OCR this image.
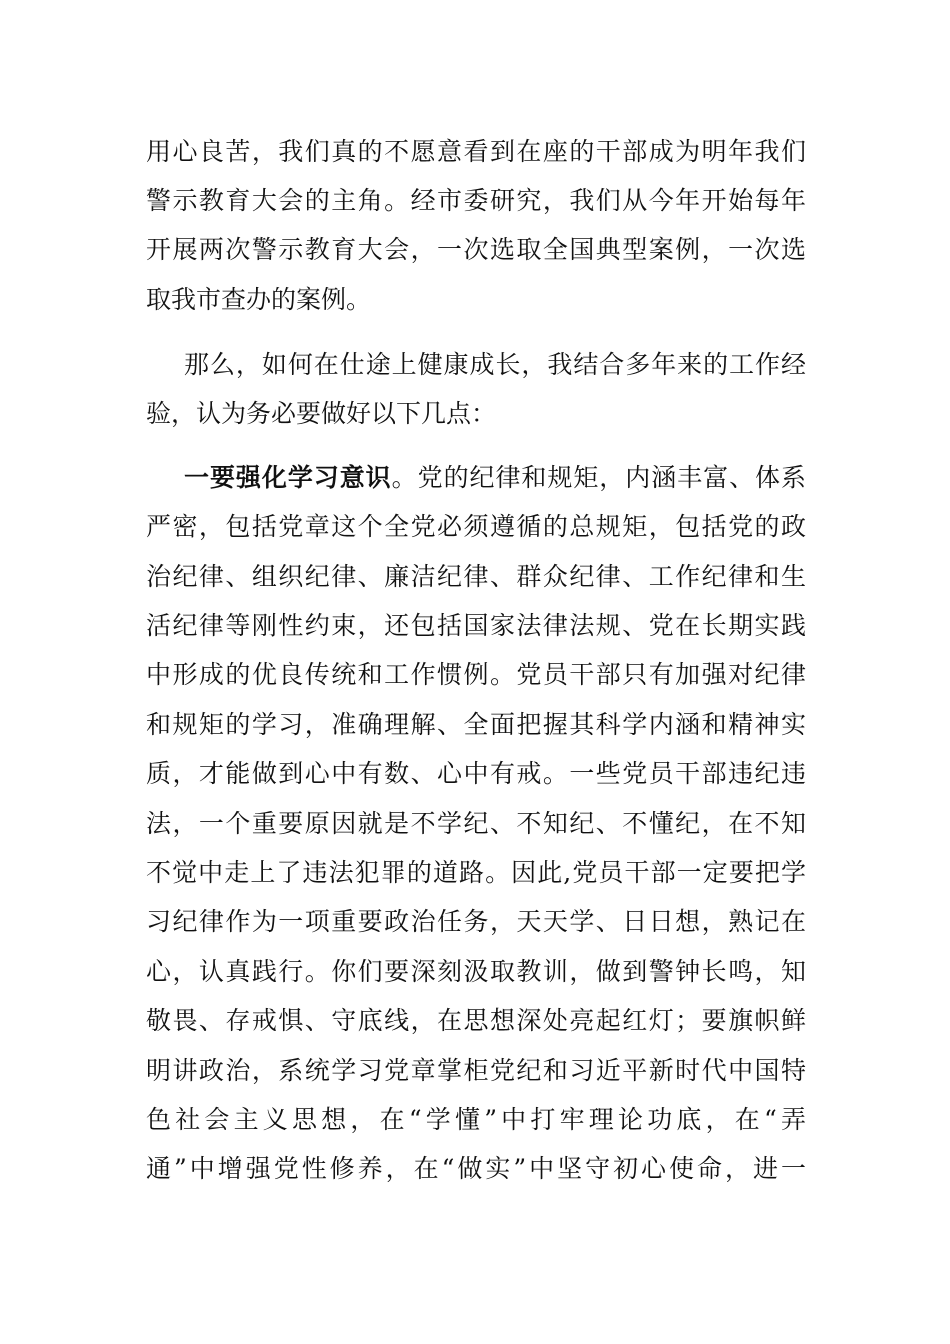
用心良苦，我们真的不愿意看到在座的干部成为明年我们
警示教育大会的主角。经市委研究，我们从今年开始每年
开展两次警示教育大会，一次选取全国典型案例，一次选
取我市查办的案例。
那么，如何在仕途上健康成长，我结合多年来的工作经
验，认为务必要做好以下几点：
一要强化学习意识。党的纪律和规矩，内涵丰富、体系
严密，包括党章这个全党必须遵循的总规矩，包括党的政
治纪律、组织纪律、廉洁纪律、群众纪律、工作纪律和生
活纪律等刚性约束，还包括国家法律法规、党在长期实践
中形成的优良传统和工作惯例。党员干部只有加强对纪律
和规矩的学习，准确理解、全面把握其科学内涵和精神实
质，才能做到心中有数、心中有戒。一些党员干部违纪违
法，一个重要原因就是不学纪、不知纪、不懂纪，在不知
不觉中走上了违法犯罪的道路。因此,党员干部一定要把学
习纪律作为一项重要政治任务，天天学、日日想，熟记在
心，认真践行。你们要深刻汲取教训，做到警钟长鸣，知
敬畏、存戒惧、守底线，在思想深处亮起红灯；要旗帜鲜
明讲政治，系统学习党章掌柜党纪和习近平新时代中国特
色社会主义思想，在“学懂”中打牢理论功底，在“弄
通”中增强党性修养，在“做实”中坚守初心使命，进一
